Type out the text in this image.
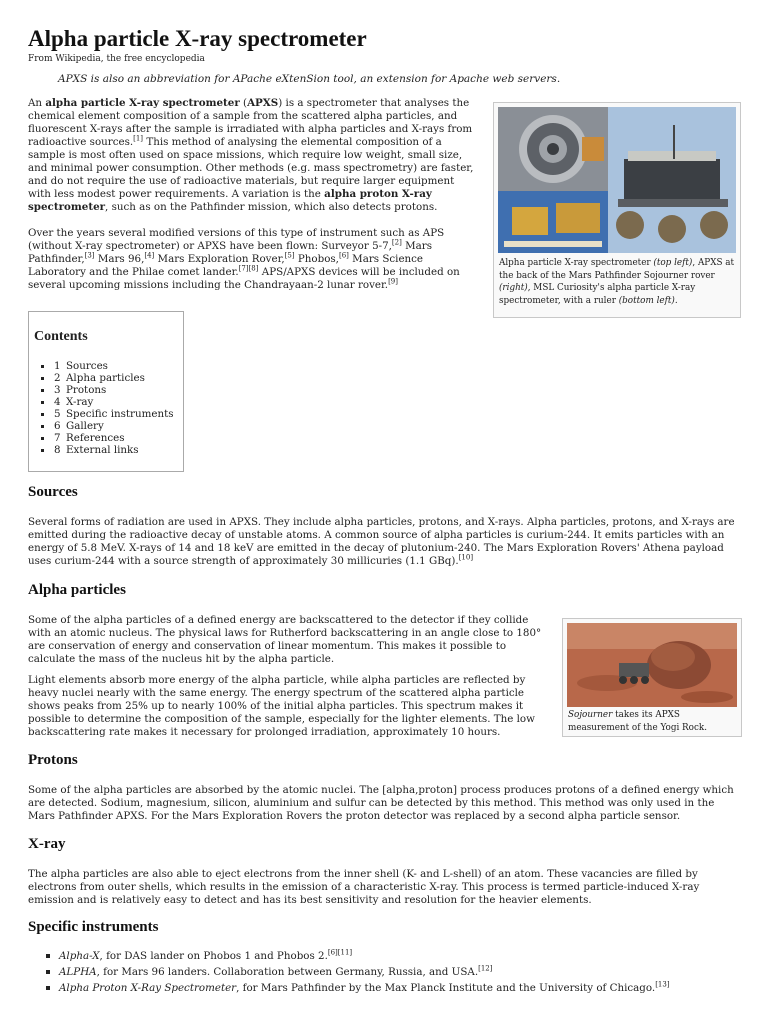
Alpha particle X-ray spectrometer

From Wikipedia, the free encyclopedia

APXS is also an abbreviation for APache eXtenSion tool, an extension for Apache web servers.

An alpha particle X-ray spectrometer (APXS) is a spectrometer that analyses the chemical element composition of a sample from the scattered alpha particles, and fluorescent X-rays after the sample is irradiated with alpha particles and X-rays from radioactive sources.[1] This method of analysing the elemental composition of a sample is most often used on space missions, which require low weight, small size, and minimal power consumption. Other methods (e.g. mass spectrometry) are faster, and do not require the use of radioactive materials, but require larger equipment with less modest power requirements. A variation is the alpha proton X-ray spectrometer, such as on the Pathfinder mission, which also detects protons.

Over the years several modified versions of this type of instrument such as APS (without X-ray spectrometer) or APXS have been flown: Surveyor 5-7,[2] Mars Pathfinder,[3] Mars 96,[4] Mars Exploration Rover,[5] Phobos,[6] Mars Science Laboratory and the Philae comet lander.[7][8] APS/APXS devices will be included on several upcoming missions including the Chandrayaan-2 lunar rover.[9]

Alpha particle X-ray spectrometer (top left), APXS at the back of the Mars Pathfinder Sojourner rover (right), MSL Curiosity's alpha particle X-ray spectrometer, with a ruler (bottom left).

Contents
1 Sources
2 Alpha particles
3 Protons
4 X-ray
5 Specific instruments
6 Gallery
7 References
8 External links
Sources

Several forms of radiation are used in APXS. They include alpha particles, protons, and X-rays. Alpha particles, protons, and X-rays are emitted during the radioactive decay of unstable atoms. A common source of alpha particles is curium-244. It emits particles with an energy of 5.8 MeV. X-rays of 14 and 18 keV are emitted in the decay of plutonium-240. The Mars Exploration Rovers' Athena payload uses curium-244 with a source strength of approximately 30 millicuries (1.1 GBq).[10]

Alpha particles

Some of the alpha particles of a defined energy are backscattered to the detector if they collide with an atomic nucleus. The physical laws for Rutherford backscattering in an angle close to 180° are conservation of energy and conservation of linear momentum. This makes it possible to calculate the mass of the nucleus hit by the alpha particle.

Light elements absorb more energy of the alpha particle, while alpha particles are reflected by heavy nuclei nearly with the same energy. The energy spectrum of the scattered alpha particle shows peaks from 25% up to nearly 100% of the initial alpha particles. This spectrum makes it possible to determine the composition of the sample, especially for the lighter elements. The low backscattering rate makes it necessary for prolonged irradiation, approximately 10 hours.

Sojourner takes its APXS measurement of the Yogi Rock.

Protons

Some of the alpha particles are absorbed by the atomic nuclei. The [alpha,proton] process produces protons of a defined energy which are detected. Sodium, magnesium, silicon, aluminium and sulfur can be detected by this method. This method was only used in the Mars Pathfinder APXS. For the Mars Exploration Rovers the proton detector was replaced by a second alpha particle sensor.

X-ray

The alpha particles are also able to eject electrons from the inner shell (K- and L-shell) of an atom. These vacancies are filled by electrons from outer shells, which results in the emission of a characteristic X-ray. This process is termed particle-induced X-ray emission and is relatively easy to detect and has its best sensitivity and resolution for the heavier elements.

Specific instruments
Alpha-X, for DAS lander on Phobos 1 and Phobos 2.[6][11]
ALPHA, for Mars 96 landers. Collaboration between Germany, Russia, and USA.[12]
Alpha Proton X-Ray Spectrometer, for Mars Pathfinder by the Max Planck Institute and the University of Chicago.[13]
